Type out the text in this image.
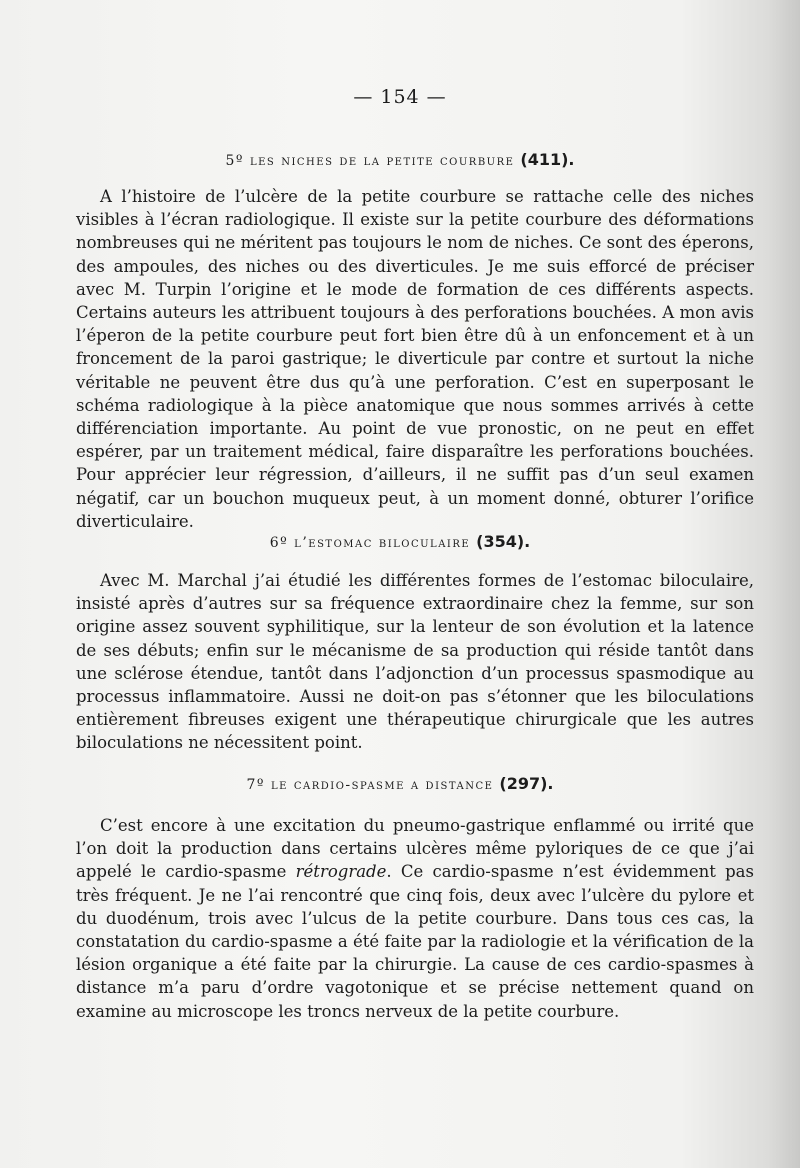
— 154 —
5º les niches de la petite courbure (411).

A l’histoire de l’ulcère de la petite courbure se rattache celle des niches visibles à l’écran radiologique. Il existe sur la petite courbure des déformations nombreuses qui ne méritent pas toujours le nom de niches. Ce sont des éperons, des ampoules, des niches ou des diverticules. Je me suis efforcé de préciser avec M. Turpin l’origine et le mode de formation de ces différents aspects. Certains auteurs les attribuent toujours à des perforations bouchées. A mon avis l’éperon de la petite courbure peut fort bien être dû à un enfoncement et à un froncement de la paroi gastrique; le diverticule par contre et surtout la niche véritable ne peuvent être dus qu’à une perforation. C’est en superposant le schéma radiologique à la pièce anatomique que nous sommes arrivés à cette différenciation importante. Au point de vue pronostic, on ne peut en effet espérer, par un traitement médical, faire disparaître les perforations bouchées. Pour apprécier leur régression, d’ailleurs, il ne suffit pas d’un seul examen négatif, car un bouchon muqueux peut, à un moment donné, obturer l’orifice diverticulaire.

6º l’estomac biloculaire (354).

Avec M. Marchal j’ai étudié les différentes formes de l’estomac biloculaire, insisté après d’autres sur sa fréquence extraordinaire chez la femme, sur son origine assez souvent syphilitique, sur la lenteur de son évolution et la latence de ses débuts; enfin sur le mécanisme de sa production qui réside tantôt dans une sclérose étendue, tantôt dans l’adjonction d’un processus spasmodique au processus inflammatoire. Aussi ne doit-on pas s’étonner que les biloculations entièrement fibreuses exigent une thérapeutique chirurgicale que les autres biloculations ne nécessitent point.

7º le cardio-spasme a distance (297).

C’est encore à une excitation du pneumo-gastrique enflammé ou irrité que l’on doit la production dans certains ulcères même pyloriques de ce que j’ai appelé le cardio-spasme rétrograde. Ce cardio-spasme n’est évidemment pas très fréquent. Je ne l’ai rencontré que cinq fois, deux avec l’ulcère du pylore et du duodénum, trois avec l’ulcus de la petite courbure. Dans tous ces cas, la constatation du cardio-spasme a été faite par la radiologie et la vérification de la lésion organique a été faite par la chirurgie. La cause de ces cardio-spasmes à distance m’a paru d’ordre vagotonique et se précise nettement quand on examine au microscope les troncs nerveux de la petite courbure.
